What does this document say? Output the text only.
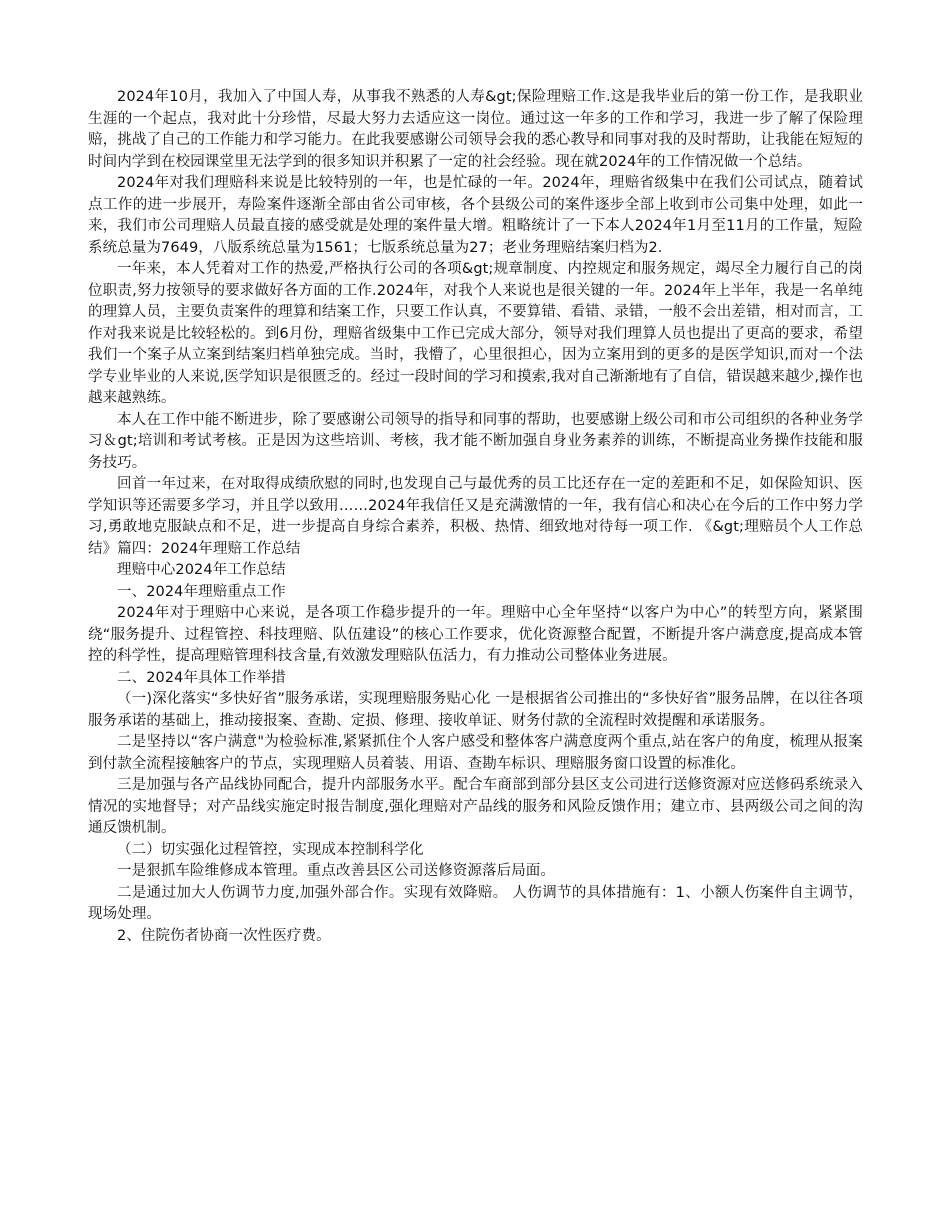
2024年10月，我加入了中国人寿，从事我不熟悉的人寿&gt;保险理赔工作.这是我毕业后的第一份工作，是我职业生涯的一个起点，我对此十分珍惜，尽最大努力去适应这一岗位。通过这一年多的工作和学习，我进一步了解了保险理赔，挑战了自己的工作能力和学习能力。在此我要感谢公司领导会我的悉心教导和同事对我的及时帮助，让我能在短短的时间内学到在校园课堂里无法学到的很多知识并积累了一定的社会经验。现在就2024年的工作情况做一个总结。

2024年对我们理赔科来说是比较特别的一年，也是忙碌的一年。2024年，理赔省级集中在我们公司试点，随着试点工作的进一步展开，寿险案件逐渐全部由省公司审核，各个县级公司的案件逐步全部上收到市公司集中处理，如此一来，我们市公司理赔人员最直接的感受就是处理的案件量大增。粗略统计了一下本人2024年1月至11月的工作量，短险系统总量为7649，八版系统总量为1561；七版系统总量为27；老业务理赔结案归档为2.

一年来，本人凭着对工作的热爱,严格执行公司的各项&gt;规章制度、内控规定和服务规定，竭尽全力履行自己的岗位职责,努力按领导的要求做好各方面的工作.2024年，对我个人来说也是很关键的一年。2024年上半年，我是一名单纯的理算人员，主要负责案件的理算和结案工作，只要工作认真，不要算错、看错、录错，一般不会出差错，相对而言，工作对我来说是比较轻松的。到6月份，理赔省级集中工作已完成大部分，领导对我们理算人员也提出了更高的要求，希望我们一个案子从立案到结案归档单独完成。当时，我懵了，心里很担心，因为立案用到的更多的是医学知识,而对一个法学专业毕业的人来说,医学知识是很匮乏的。经过一段时间的学习和摸索,我对自己渐渐地有了自信，错误越来越少,操作也越来越熟练。

本人在工作中能不断进步，除了要感谢公司领导的指导和同事的帮助，也要感谢上级公司和市公司组织的各种业务学习＆gt;培训和考试考核。正是因为这些培训、考核，我才能不断加强自身业务素养的训练，不断提高业务操作技能和服务技巧。

回首一年过来，在对取得成绩欣慰的同时,也发现自己与最优秀的员工比还存在一定的差距和不足，如保险知识、医学知识等还需要多学习，并且学以致用……2024年我信任又是充满激情的一年，我有信心和决心在今后的工作中努力学习,勇敢地克服缺点和不足，进一步提高自身综合素养，积极、热情、细致地对待每一项工作. 《&gt;理赔员个人工作总结》篇四：2024年理赔工作总结

理赔中心2024年工作总结

一、2024年理赔重点工作

2024年对于理赔中心来说，是各项工作稳步提升的一年。理赔中心全年坚持“以客户为中心”的转型方向，紧紧围绕“服务提升、过程管控、科技理赔、队伍建设”的核心工作要求，优化资源整合配置，不断提升客户满意度,提高成本管控的科学性，提高理赔管理科技含量,有效激发理赔队伍活力，有力推动公司整体业务进展。

二、2024年具体工作举措

（一)深化落实“多快好省”服务承诺，实现理赔服务贴心化 一是根据省公司推出的“多快好省”服务品牌，在以往各项服务承诺的基础上，推动接报案、查勘、定损、修理、接收单证、财务付款的全流程时效提醒和承诺服务。

二是坚持以“客户满意"为检验标准,紧紧抓住个人客户感受和整体客户满意度两个重点,站在客户的角度，梳理从报案到付款全流程接触客户的节点，实现理赔人员着装、用语、查勘车标识、理赔服务窗口设置的标准化。

三是加强与各产品线协同配合，提升内部服务水平。配合车商部到部分县区支公司进行送修资源对应送修码系统录入情况的实地督导；对产品线实施定时报告制度,强化理赔对产品线的服务和风险反馈作用；建立市、县两级公司之间的沟通反馈机制。

（二）切实强化过程管控，实现成本控制科学化

一是狠抓车险维修成本管理。重点改善县区公司送修资源落后局面。

二是通过加大人伤调节力度,加强外部合作。实现有效降赔。 人伤调节的具体措施有：1、小额人伤案件自主调节，现场处理。

2、住院伤者协商一次性医疗费。
